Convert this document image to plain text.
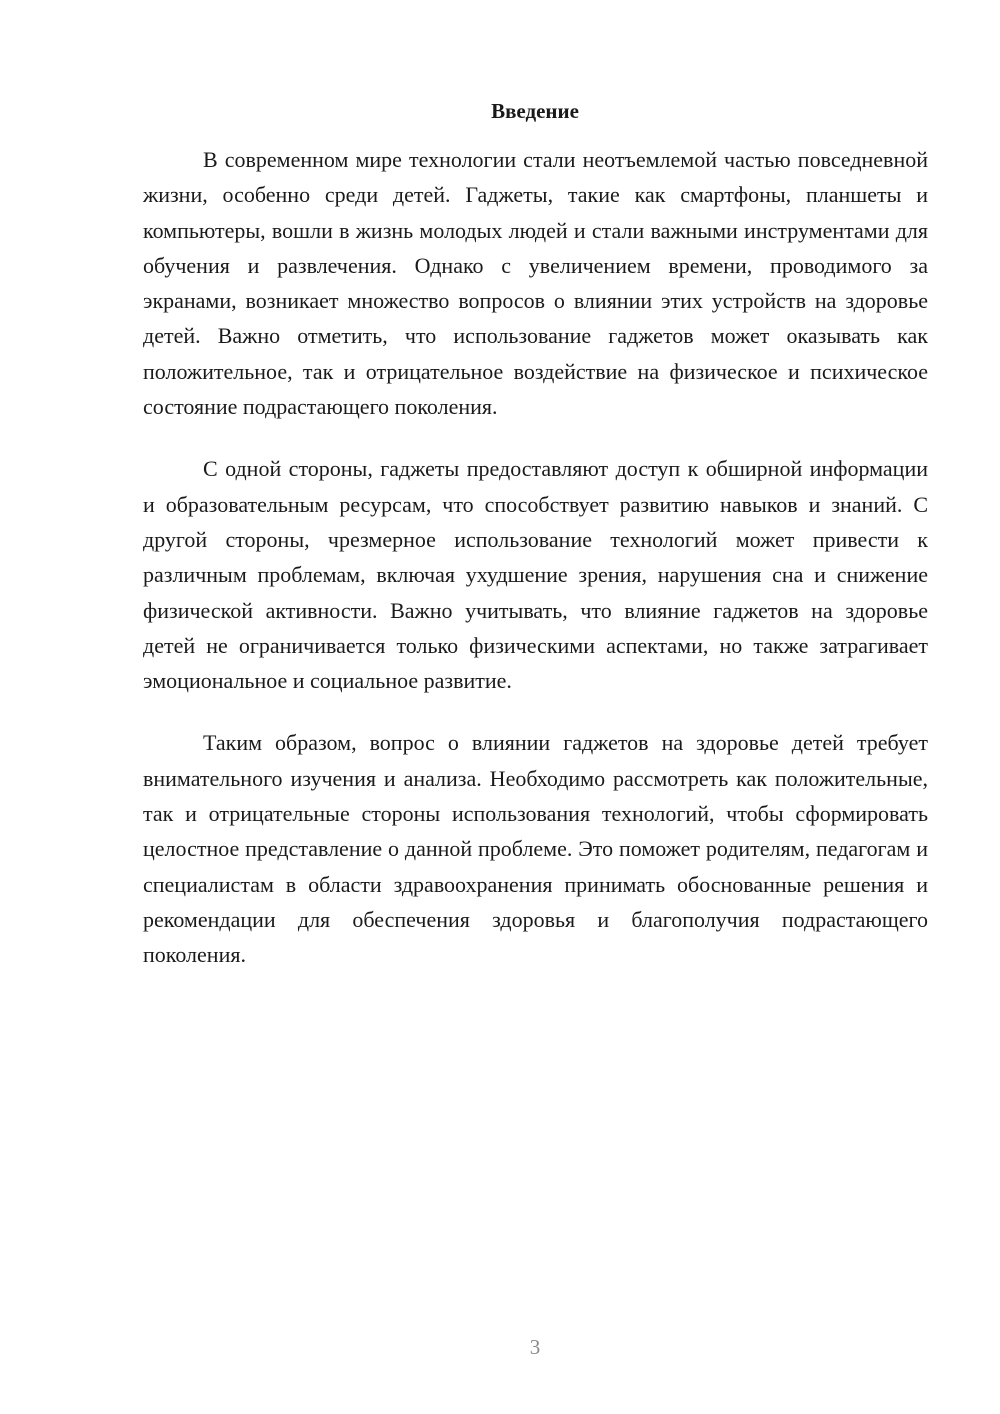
Введение

В современном мире технологии стали неотъемлемой частью повседневной жизни, особенно среди детей. Гаджеты, такие как смартфоны, планшеты и компьютеры, вошли в жизнь молодых людей и стали важными инструментами для обучения и развлечения. Однако с увеличением времени, проводимого за экранами, возникает множество вопросов о влиянии этих устройств на здоровье детей. Важно отметить, что использование гаджетов может оказывать как положительное, так и отрицательное воздействие на физическое и психическое состояние подрастающего поколения.

С одной стороны, гаджеты предоставляют доступ к обширной информации и образовательным ресурсам, что способствует развитию навыков и знаний. С другой стороны, чрезмерное использование технологий может привести к различным проблемам, включая ухудшение зрения, нарушения сна и снижение физической активности. Важно учитывать, что влияние гаджетов на здоровье детей не ограничивается только физическими аспектами, но также затрагивает эмоциональное и социальное развитие.

Таким образом, вопрос о влиянии гаджетов на здоровье детей требует внимательного изучения и анализа. Необходимо рассмотреть как положительные, так и отрицательные стороны использования технологий, чтобы сформировать целостное представление о данной проблеме. Это поможет родителям, педагогам и специалистам в области здравоохранения принимать обоснованные решения и рекомендации для обеспечения здоровья и благополучия подрастающего поколения.

3
